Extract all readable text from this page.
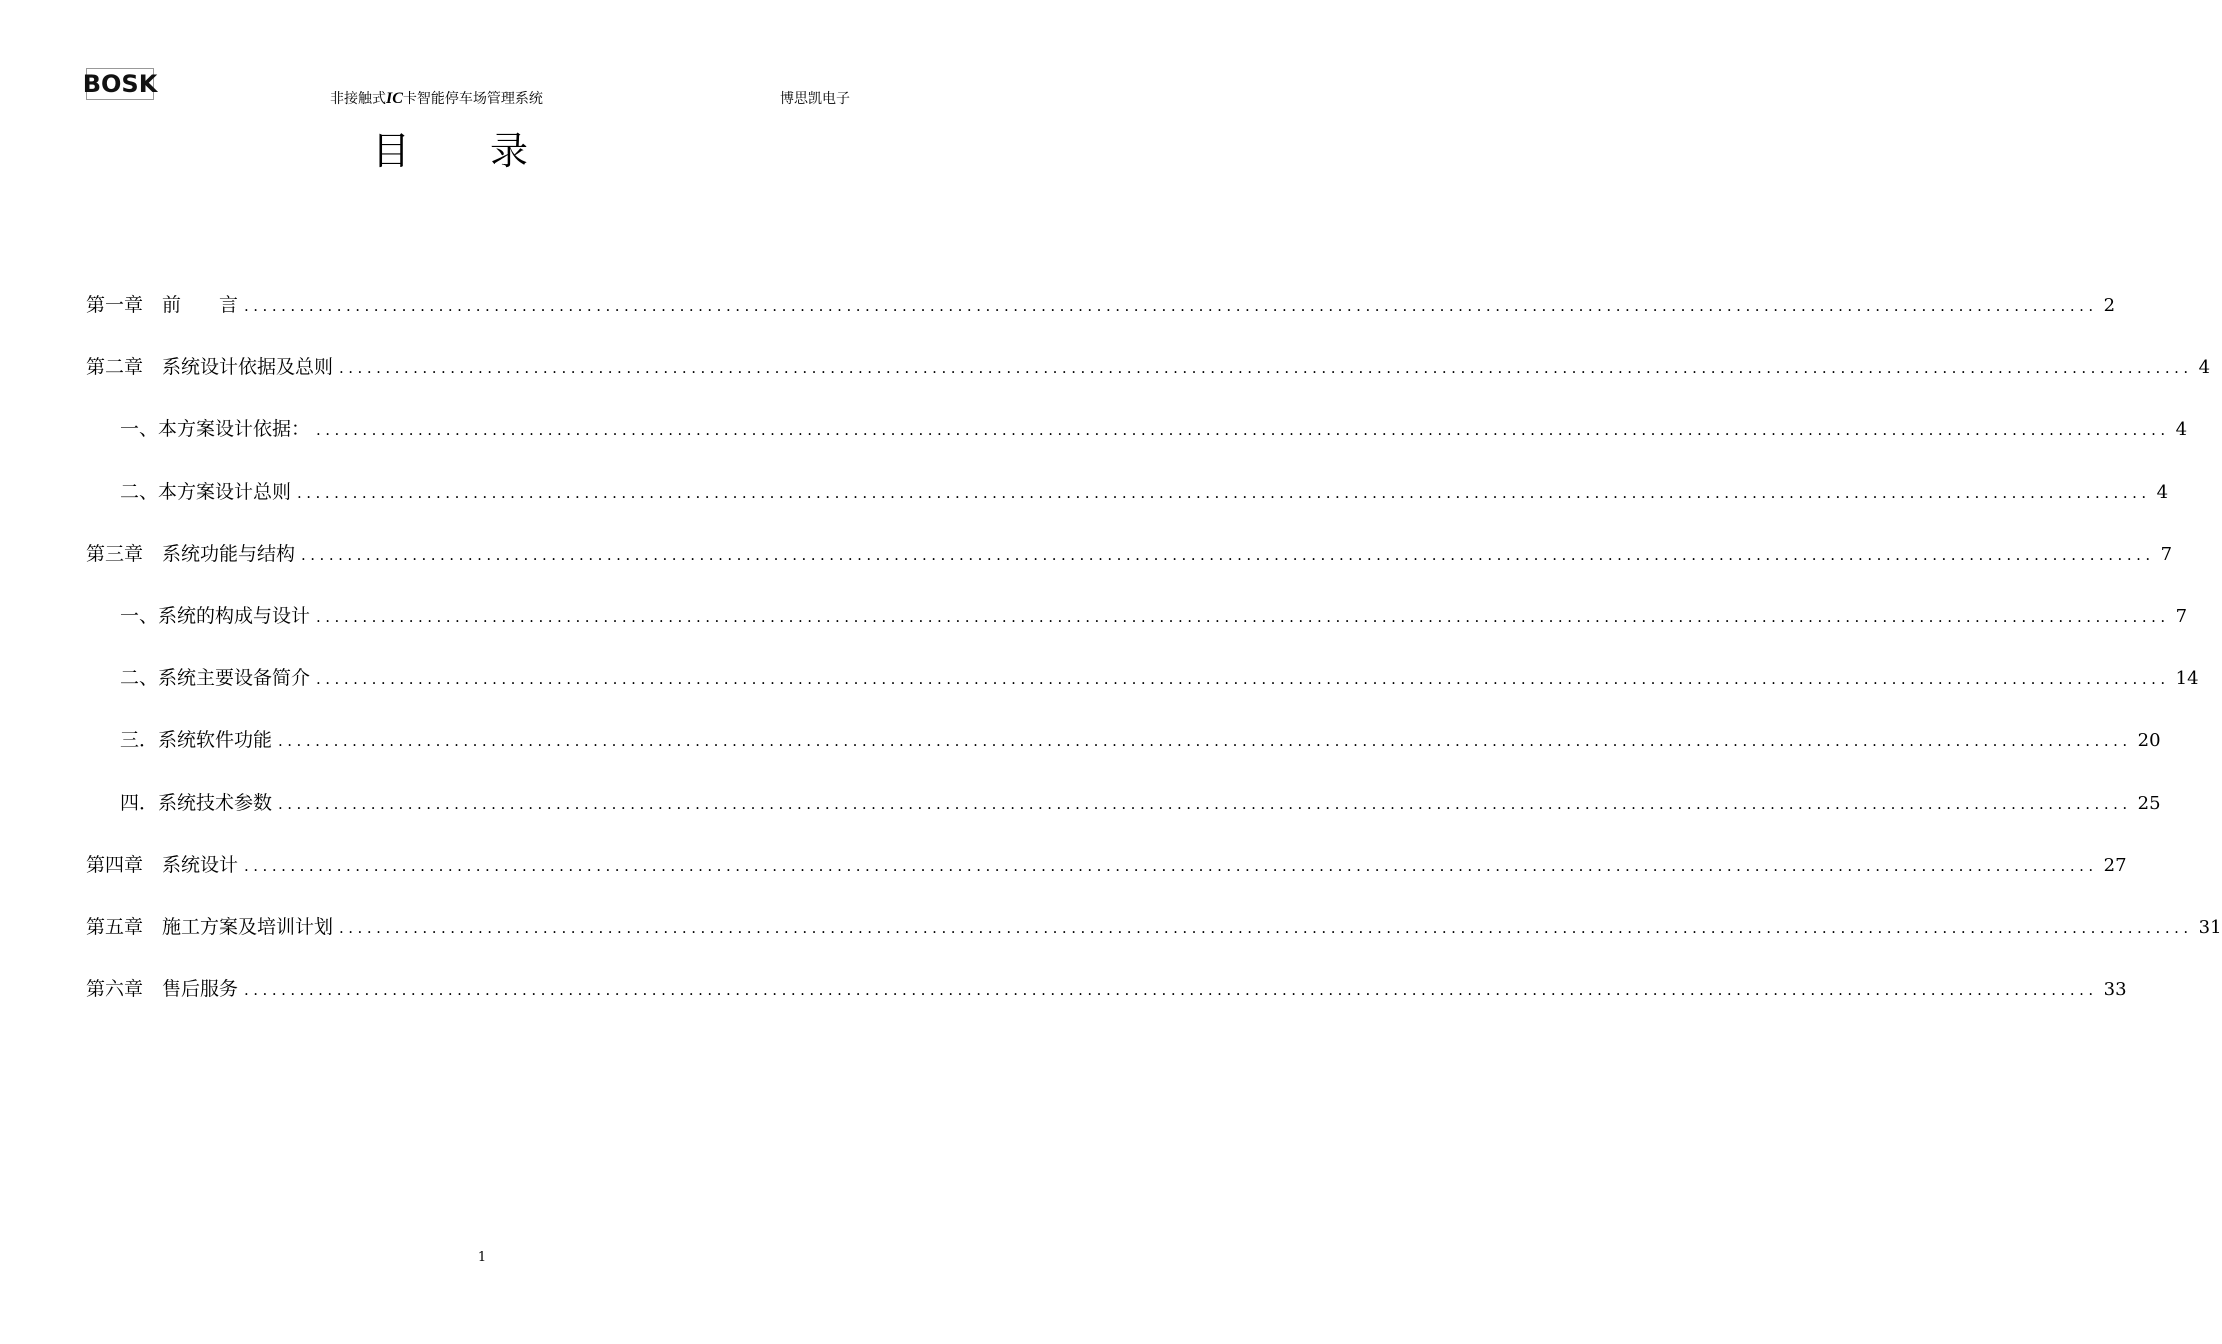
BOSK
非接触式IC卡智能停车场管理系统	博思凯电子
目录
第一章　前　　言 ........................................................................................................................................................................................................ 2
第二章　系统设计依据及总则 ........................................................................................................................................................................................................ 4
一、本方案设计依据： ........................................................................................................................................................................................................ 4
二、本方案设计总则 ........................................................................................................................................................................................................ 4
第三章　系统功能与结构 ........................................................................................................................................................................................................ 7
一、系统的构成与设计 ........................................................................................................................................................................................................ 7
二、系统主要设备简介 ........................................................................................................................................................................................................ 14
三．系统软件功能 ........................................................................................................................................................................................................ 20
四．系统技术参数 ........................................................................................................................................................................................................ 25
第四章　系统设计 ........................................................................................................................................................................................................ 27
第五章　施工方案及培训计划 ........................................................................................................................................................................................................ 31
第六章　售后服务 ........................................................................................................................................................................................................ 33
1
